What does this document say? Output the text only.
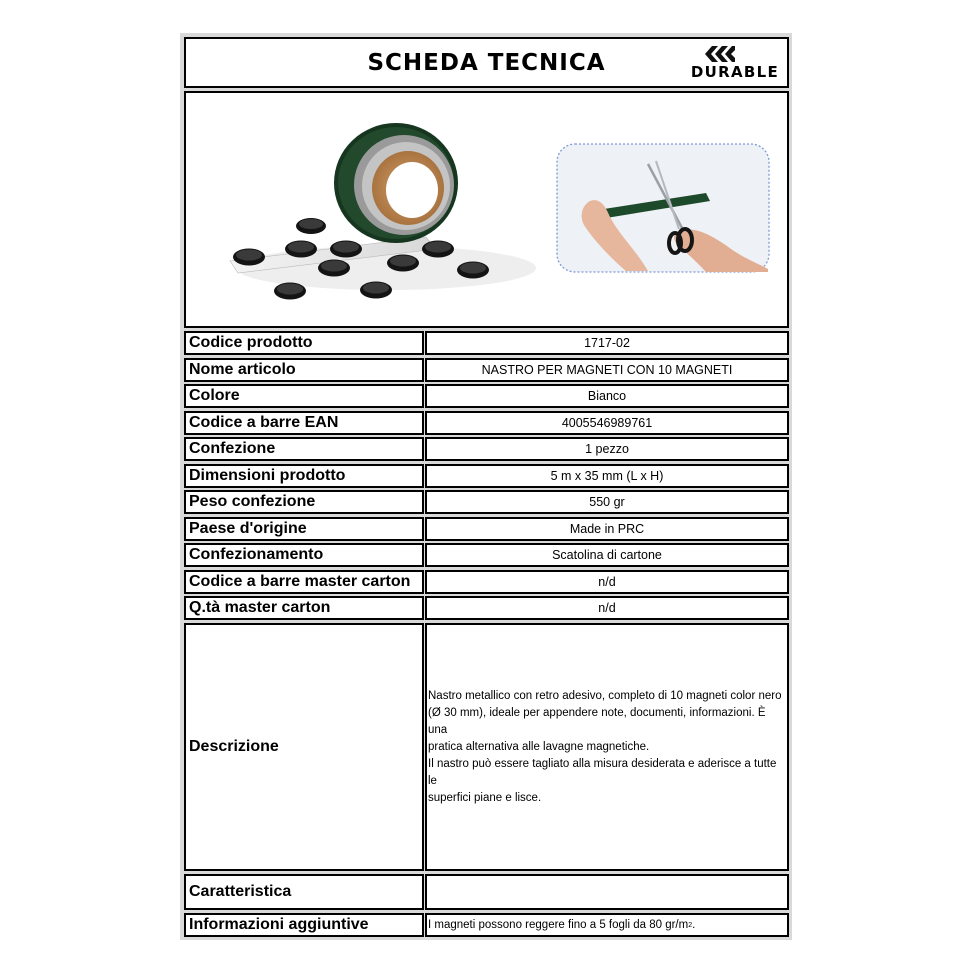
SCHEDA TECNICA	DURABLE
Codice prodotto	1717-02
Nome articolo	NASTRO PER MAGNETI CON 10 MAGNETI
Colore	Bianco
Codice a barre EAN	4005546989761
Confezione	1 pezzo
Dimensioni prodotto	5 m x 35 mm (L x H)
Peso confezione	550 gr
Paese d'origine	Made in PRC
Confezionamento	Scatolina di cartone
Codice a barre master carton	n/d
Q.tà master carton	n/d
Descrizione
Nastro metallico con retro adesivo, completo di 10 magneti color nero
(Ø 30 mm), ideale per appendere note, documenti, informazioni. È una
pratica alternativa alle lavagne magnetiche.
Il nastro può essere tagliato alla misura desiderata e aderisce a tutte le
superfici piane e lisce.
Caratteristica
Informazioni aggiuntive	I magneti possono reggere fino a 5 fogli da 80 gr/m 2 .
